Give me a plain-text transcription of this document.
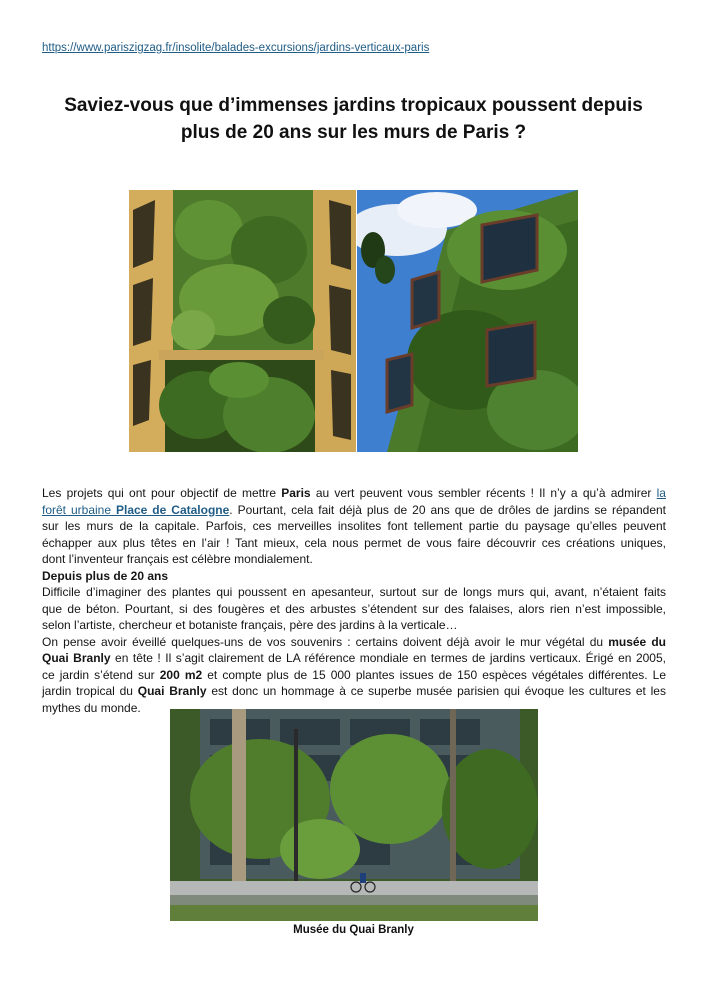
https://www.pariszigzag.fr/insolite/balades-excursions/jardins-verticaux-paris
Saviez-vous que d’immenses jardins tropicaux poussent depuis
plus de 20 ans sur les murs de Paris ?
Les projets qui ont pour objectif de mettre Paris au vert peuvent vous sembler récents ! Il n’y a qu’à admirer la
forêt urbaine Place de Catalogne. Pourtant, cela fait déjà plus de 20 ans que de drôles de jardins se répandent
sur les murs de la capitale. Parfois, ces merveilles insolites font tellement partie du paysage qu’elles peuvent
échapper aux plus têtes en l’air ! Tant mieux, cela nous permet de vous faire découvrir ces créations uniques,
dont l’inventeur français est célèbre mondialement.
Depuis plus de 20 ans
Difficile d’imaginer des plantes qui poussent en apesanteur, surtout sur de longs murs qui, avant, n’étaient faits
que de béton. Pourtant, si des fougères et des arbustes s’étendent sur des falaises, alors rien n’est impossible,
selon l’artiste, chercheur et botaniste français, père des jardins à la verticale…
On pense avoir éveillé quelques-uns de vos souvenirs : certains doivent déjà avoir le mur végétal du musée du
Quai Branly en tête ! Il s’agit clairement de LA référence mondiale en termes de jardins verticaux. Érigé en 2005,
ce jardin s’étend sur 200 m2 et compte plus de 15 000 plantes issues de 150 espèces végétales différentes. Le
jardin tropical du Quai Branly est donc un hommage à ce superbe musée parisien qui évoque les cultures et les
mythes du monde.
Musée du Quai Branly
